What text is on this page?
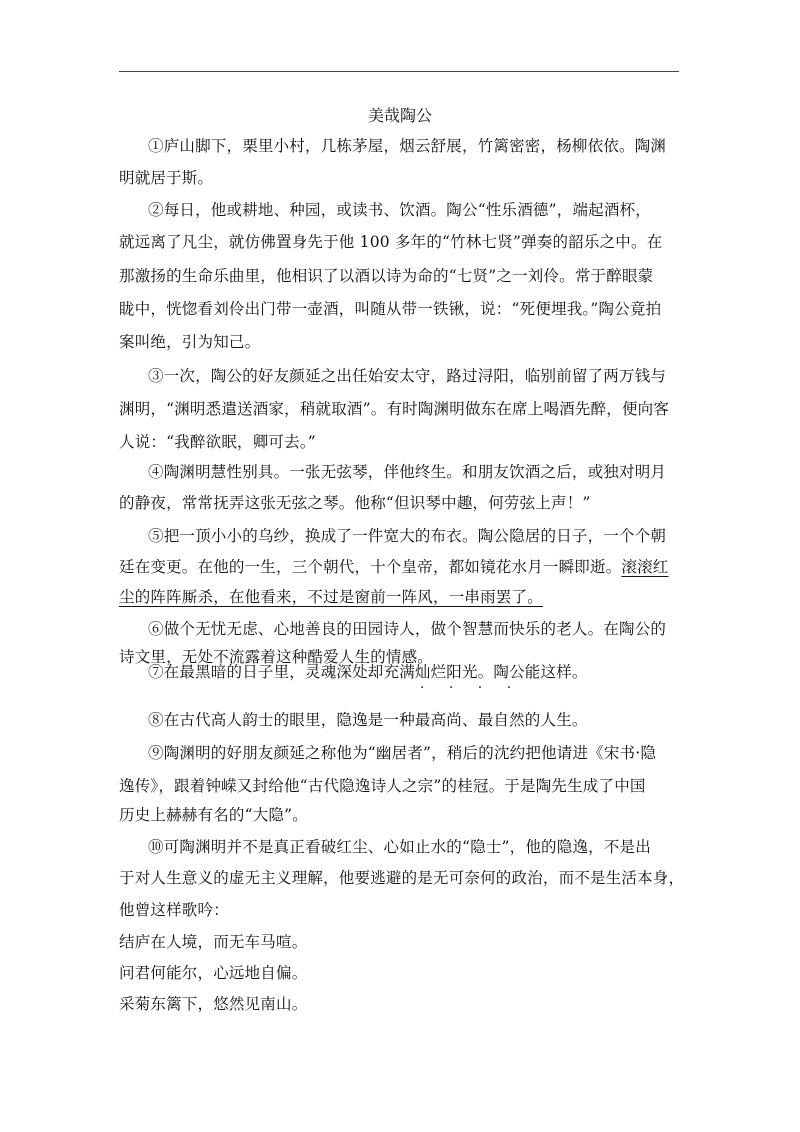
美哉陶公
①庐山脚下，栗里小村，几栋茅屋，烟云舒展，竹篱密密，杨柳依依。陶渊
明就居于斯。
②每日，他或耕地、种园，或读书、饮酒。陶公“性乐酒德”，端起酒杯，
就远离了凡尘，就仿佛置身先于他 100 多年的“竹林七贤”弹奏的韶乐之中。在
那激扬的生命乐曲里，他相识了以酒以诗为命的“七贤”之一刘伶。常于醉眼蒙
眬中，恍惚看刘伶出门带一壶酒，叫随从带一铁锹，说：“死便埋我。”陶公竟拍
案叫绝，引为知己。
③一次，陶公的好友颜延之出任始安太守，路过浔阳，临别前留了两万钱与
渊明，“渊明悉遣送酒家，稍就取酒”。有时陶渊明做东在席上喝酒先醉，便向客
人说：“我醉欲眠，卿可去。”
④陶渊明慧性别具。一张无弦琴，伴他终生。和朋友饮酒之后，或独对明月
的静夜，常常抚弄这张无弦之琴。他称“但识琴中趣，何劳弦上声！”
⑤把一顶小小的乌纱，换成了一件宽大的布衣。陶公隐居的日子，一个个朝
廷在变更。在他的一生，三个朝代，十个皇帝，都如镜花水月一瞬即逝。滚滚红
尘的阵阵厮杀，在他看来，不过是窗前一阵风，一串雨罢了。
⑥做个无忧无虑、心地善良的田园诗人，做个智慧而快乐的老人。在陶公的
诗文里，无处不流露着这种酷爱人生的情感。
⑦在最黑暗的日子里，灵魂深处却充满灿烂阳光。陶公能这样。
· · · ·
⑧在古代高人韵士的眼里，隐逸是一种最高尚、最自然的人生。
⑨陶渊明的好朋友颜延之称他为“幽居者”，稍后的沈约把他请进《宋书·隐
逸传》，跟着钟嵘又封给他“古代隐逸诗人之宗”的桂冠。于是陶先生成了中国
历史上赫赫有名的“大隐”。
⑩可陶渊明并不是真正看破红尘、心如止水的“隐士”，他的隐逸，不是出
于对人生意义的虚无主义理解，他要逃避的是无可奈何的政治，而不是生活本身，
他曾这样歌吟：
结庐在人境，而无车马喧。
问君何能尔，心远地自偏。
采菊东篱下，悠然见南山。
